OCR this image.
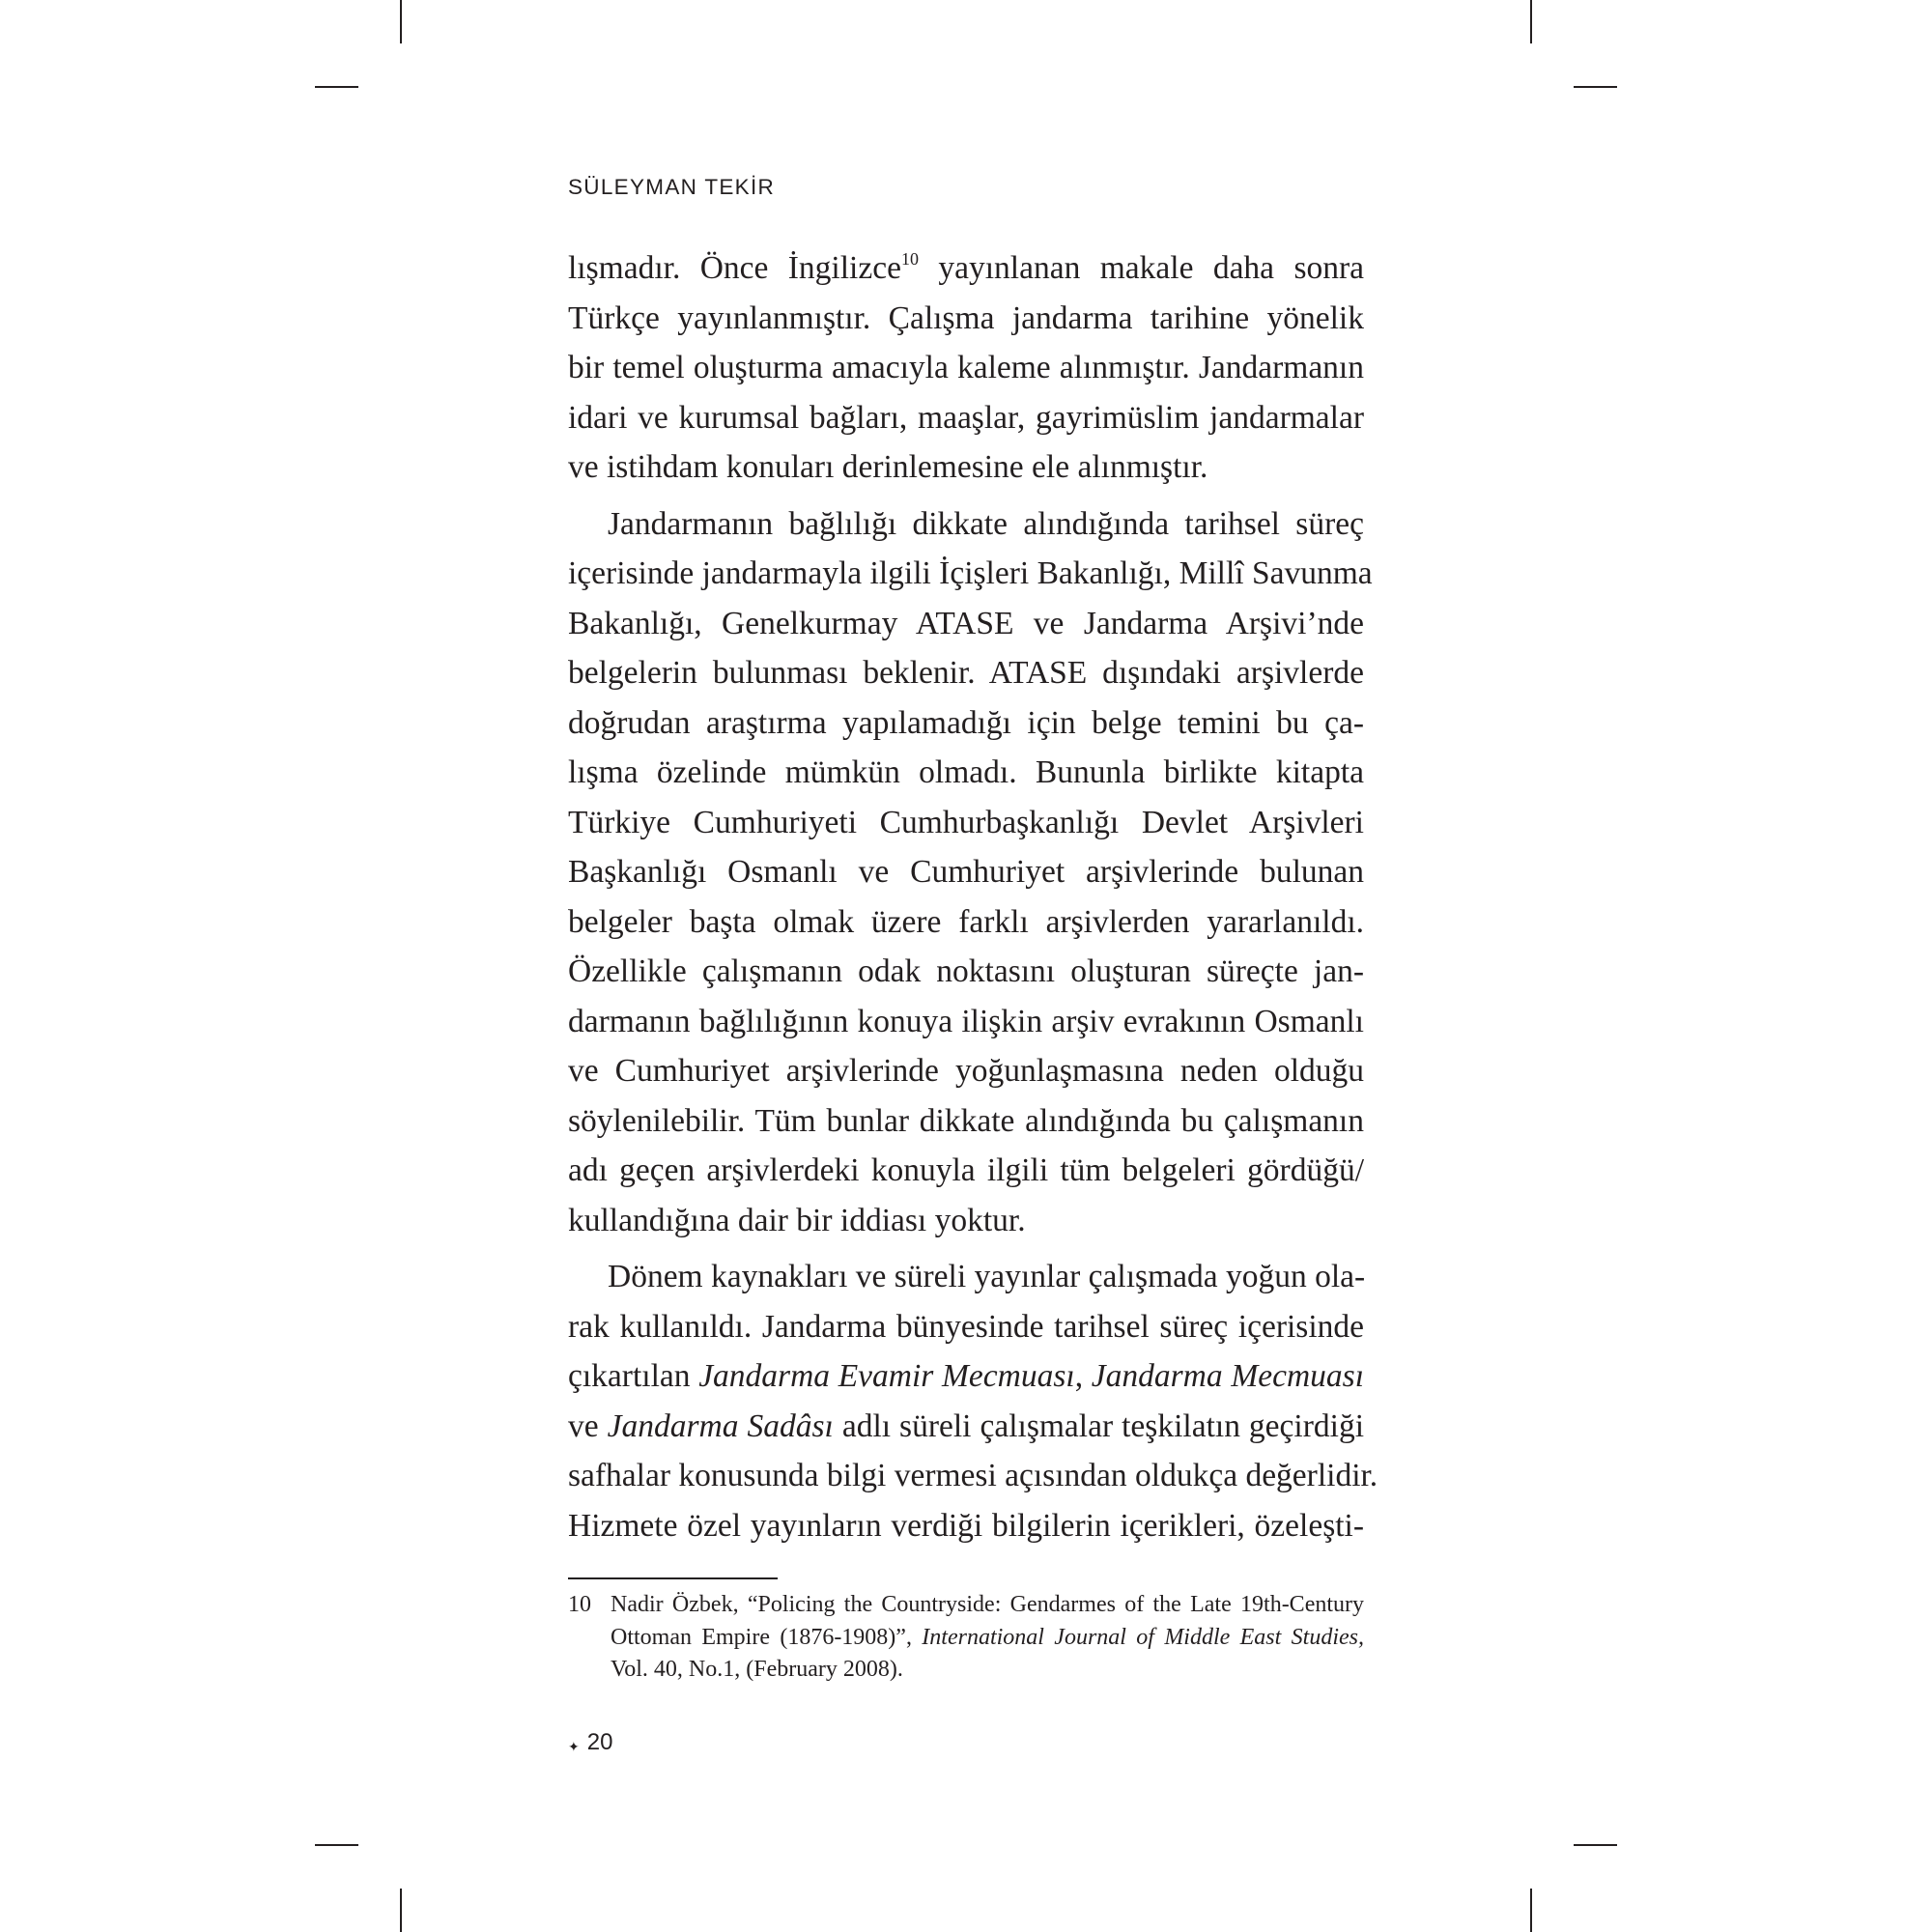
SÜLEYMAN TEKİR
lışmadır. Önce İngilizce$^{10}$ yayınlanan makale daha sonra
Türkçe yayınlanmıştır. Çalışma jandarma tarihine yönelik
bir temel oluşturma amacıyla kaleme alınmıştır. Jandarmanın
idari ve kurumsal bağları, maaşlar, gayrimüslim jandarmalar
ve istihdam konuları derinlemesine ele alınmıştır.
Jandarmanın bağlılığı dikkate alındığında tarihsel süreç
içerisinde jandarmayla ilgili İçişleri Bakanlığı, Millî Savunma
Bakanlığı, Genelkurmay ATASE ve Jandarma Arşivi’nde
belgelerin bulunması beklenir. ATASE dışındaki arşivlerde
doğrudan araştırma yapılamadığı için belge temini bu ça-
lışma özelinde mümkün olmadı. Bununla birlikte kitapta
Türkiye Cumhuriyeti Cumhurbaşkanlığı Devlet Arşivleri
Başkanlığı Osmanlı ve Cumhuriyet arşivlerinde bulunan
belgeler başta olmak üzere farklı arşivlerden yararlanıldı.
Özellikle çalışmanın odak noktasını oluşturan süreçte jan-
darmanın bağlılığının konuya ilişkin arşiv evrakının Osmanlı
ve Cumhuriyet arşivlerinde yoğunlaşmasına neden olduğu
söylenilebilir. Tüm bunlar dikkate alındığında bu çalışmanın
adı geçen arşivlerdeki konuyla ilgili tüm belgeleri gördüğü/
kullandığına dair bir iddiası yoktur.
Dönem kaynakları ve süreli yayınlar çalışmada yoğun ola-
rak kullanıldı. Jandarma bünyesinde tarihsel süreç içerisinde
çıkartılan Jandarma Evamir Mecmuası, Jandarma Mecmuası
ve Jandarma Sadâsı adlı süreli çalışmalar teşkilatın geçirdiği
safhalar konusunda bilgi vermesi açısından oldukça değerlidir.
Hizmete özel yayınların verdiği bilgilerin içerikleri, özeleşti-
10 Nadir Özbek, “Policing the Countryside: Gendarmes of the Late 19th-Century
Ottoman Empire (1876-1908)”, International Journal of Middle East Studies,
Vol. 40, No.1, (February 2008).
✦ 20
